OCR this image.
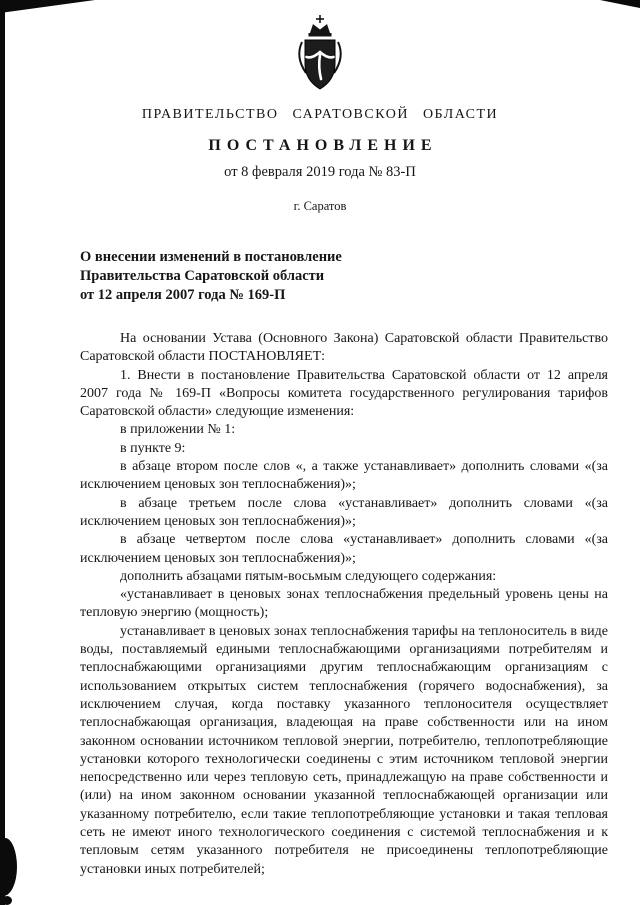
ПРАВИТЕЛЬСТВО САРАТОВСКОЙ ОБЛАСТИ
ПОСТАНОВЛЕНИЕ
от 8 февраля 2019 года № 83-П
г. Саратов
О внесении изменений в постановление
Правительства Саратовской области
от 12 апреля 2007 года № 169-П

На основании Устава (Основного Закона) Саратовской области Правительство Саратовской области ПОСТАНОВЛЯЕТ:

1. Внести в постановление Правительства Саратовской области от 12 апреля 2007 года № 169-П «Вопросы комитета государственного регулирования тарифов Саратовской области» следующие изменения:

в приложении № 1:

в пункте 9:

в абзаце втором после слов «, а также устанавливает» дополнить словами «(за исключением ценовых зон теплоснабжения)»;

в абзаце третьем после слова «устанавливает» дополнить словами «(за исключением ценовых зон теплоснабжения)»;

в абзаце четвертом после слова «устанавливает» дополнить словами «(за исключением ценовых зон теплоснабжения)»;

дополнить абзацами пятым-восьмым следующего содержания:

«устанавливает в ценовых зонах теплоснабжения предельный уровень цены на тепловую энергию (мощность);

устанавливает в ценовых зонах теплоснабжения тарифы на теплоноситель в виде воды, поставляемый едиными теплоснабжающими организациями потребителям и теплоснабжающими организациями другим теплоснабжающим организациям с использованием открытых систем теплоснабжения (горячего водоснабжения), за исключением случая, когда поставку указанного теплоносителя осуществляет теплоснабжающая организация, владеющая на праве собственности или на ином законном основании источником тепловой энергии, потребителю, теплопотребляющие установки которого технологически соединены с этим источником тепловой энергии непосредственно или через тепловую сеть, принадлежащую на праве собственности и (или) на ином законном основании указанной теплоснабжающей организации или указанному потребителю, если такие теплопотребляющие установки и такая тепловая сеть не имеют иного технологического соединения с системой теплоснабжения и к тепловым сетям указанного потребителя не присоединены теплопотребляющие установки иных потребителей;
